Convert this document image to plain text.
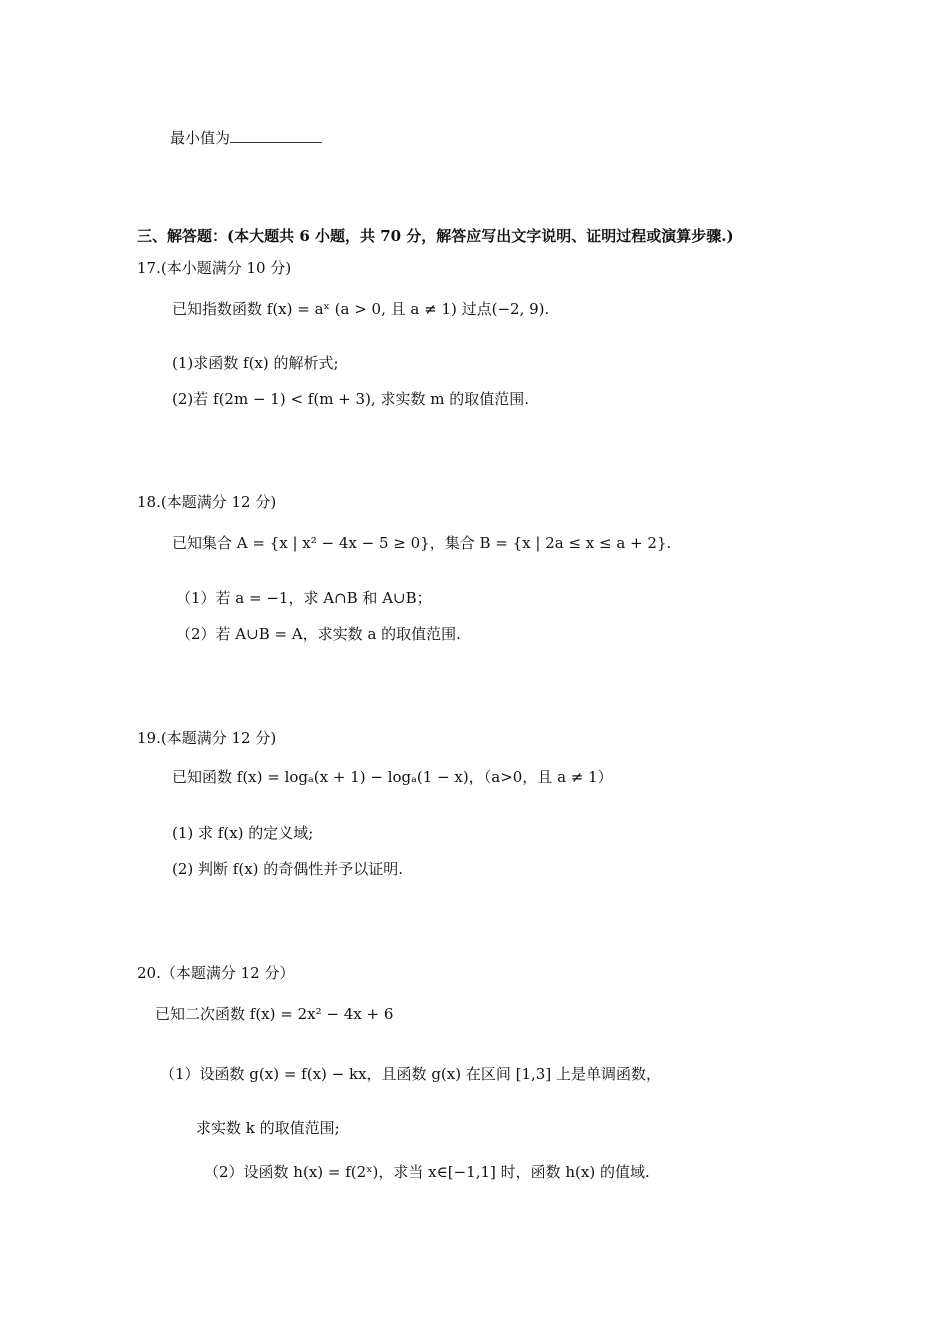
最小值为
三、解答题：(本大题共 6 小题，共 70 分，解答应写出文字说明、证明过程或演算步骤.)
17.(本小题满分 10 分)
已知指数函数 f(x) = aˣ (a > 0, 且 a ≠ 1) 过点(−2, 9).
(1)求函数 f(x) 的解析式;
(2)若 f(2m − 1) < f(m + 3), 求实数 m 的取值范围.
18.(本题满分 12 分)
已知集合 A = {x | x² − 4x − 5 ≥ 0}，集合 B = {x | 2a ≤ x ≤ a + 2}.
（1）若 a = −1，求 A∩B 和 A∪B；
（2）若 A∪B = A，求实数 a 的取值范围.
19.(本题满分 12 分)
已知函数 f(x) = logₐ(x + 1) − logₐ(1 − x)，（a>0，且 a ≠ 1）
(1) 求 f(x) 的定义域;
(2) 判断 f(x) 的奇偶性并予以证明.
20.（本题满分 12 分）
已知二次函数 f(x) = 2x² − 4x + 6
（1）设函数 g(x) = f(x) − kx，且函数 g(x) 在区间 [1,3] 上是单调函数，
求实数 k 的取值范围;
（2）设函数 h(x) = f(2ˣ)，求当 x∈[−1,1] 时，函数 h(x) 的值域.
